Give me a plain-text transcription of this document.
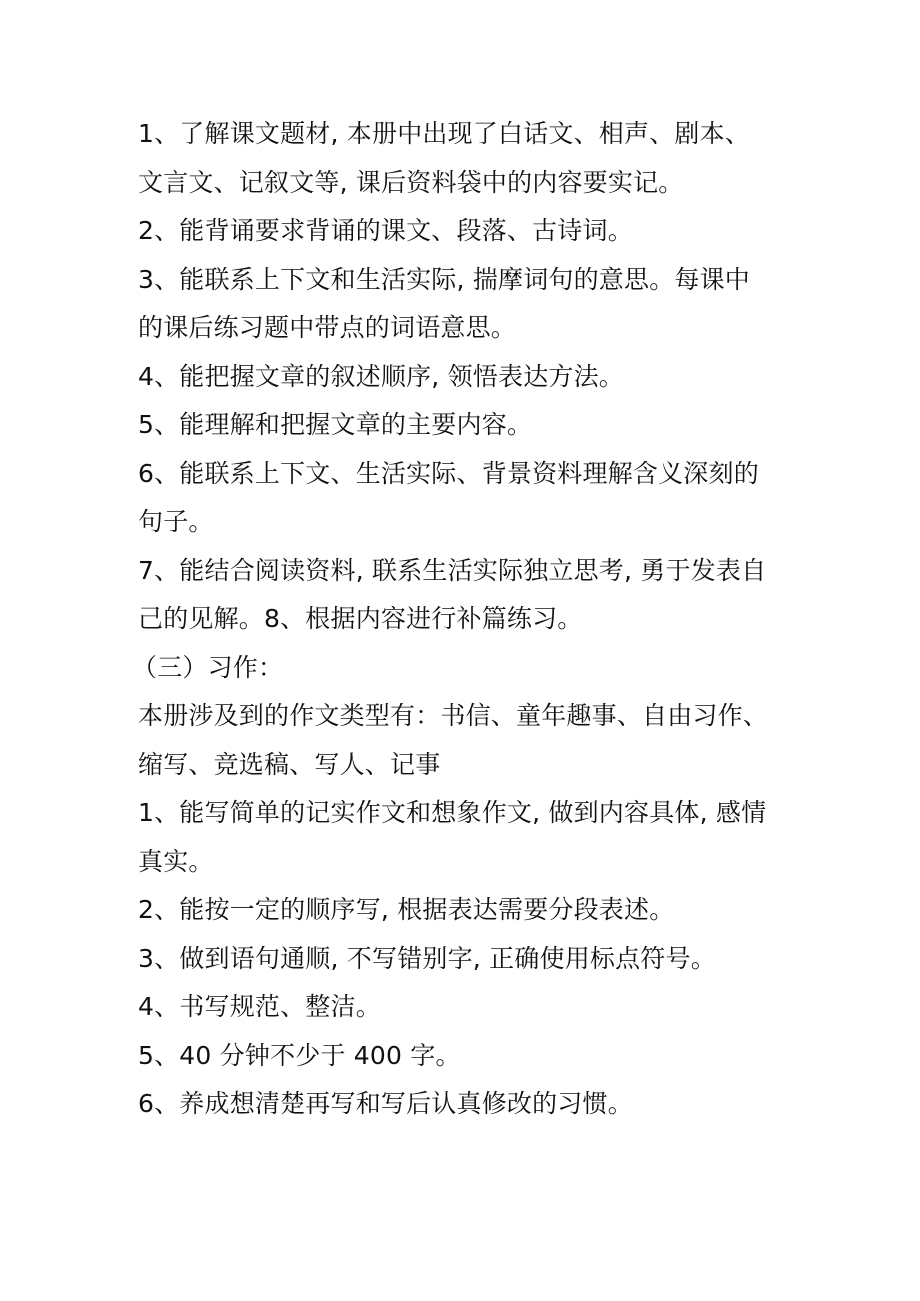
1、了解课文题材, 本册中出现了白话文、相声、剧本、
文言文、记叙文等, 课后资料袋中的内容要实记。
2、能背诵要求背诵的课文、段落、古诗词。
3、能联系上下文和生活实际, 揣摩词句的意思。每课中
的课后练习题中带点的词语意思。
4、能把握文章的叙述顺序, 领悟表达方法。
5、能理解和把握文章的主要内容。
6、能联系上下文、生活实际、背景资料理解含义深刻的
句子。
7、能结合阅读资料, 联系生活实际独立思考, 勇于发表自
己的见解。8、根据内容进行补篇练习。
（三）习作：
本册涉及到的作文类型有：书信、童年趣事、自由习作、
缩写、竞选稿、写人、记事
1、能写简单的记实作文和想象作文, 做到内容具体, 感情
真实。
2、能按一定的顺序写, 根据表达需要分段表述。
3、做到语句通顺, 不写错别字, 正确使用标点符号。
4、书写规范、整洁。
5、40 分钟不少于 400 字。
6、养成想清楚再写和写后认真修改的习惯。
